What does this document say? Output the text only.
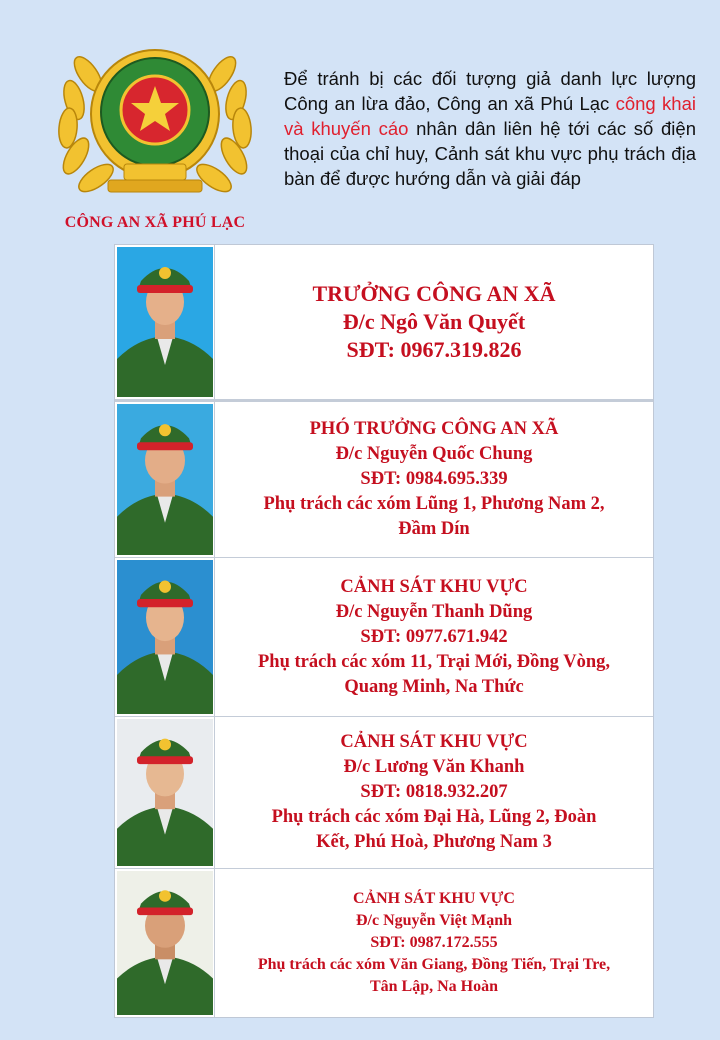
CÔNG AN XÃ PHÚ LẠC
Để tránh bị các đối tượng giả danh lực lượng Công an lừa đảo, Công an xã Phú Lạc công khai và khuyến cáo nhân dân liên hệ tới các số điện thoại của chỉ huy, Cảnh sát khu vực phụ trách địa bàn để được hướng dẫn và giải đáp
TRƯỞNG CÔNG AN XÃ
Đ/c Ngô Văn Quyết
SĐT: 0967.319.826
PHÓ TRƯỞNG CÔNG AN XÃ
Đ/c Nguyễn Quốc Chung
SĐT: 0984.695.339
Phụ trách các xóm Lũng 1, Phương Nam 2,
Đầm Dín
CẢNH SÁT KHU VỰC
Đ/c Nguyễn Thanh Dũng
SĐT: 0977.671.942
Phụ trách các xóm 11, Trại Mới, Đồng Vòng,
Quang Minh, Na Thức
CẢNH SÁT KHU VỰC
Đ/c Lương Văn Khanh
SĐT: 0818.932.207
Phụ trách các xóm Đại Hà, Lũng 2, Đoàn
Kết, Phú Hoà, Phương Nam 3
CẢNH SÁT KHU VỰC
Đ/c Nguyễn Việt Mạnh
SĐT: 0987.172.555
Phụ trách các xóm Văn Giang, Đồng Tiến, Trại Tre,
Tân Lập, Na Hoàn
